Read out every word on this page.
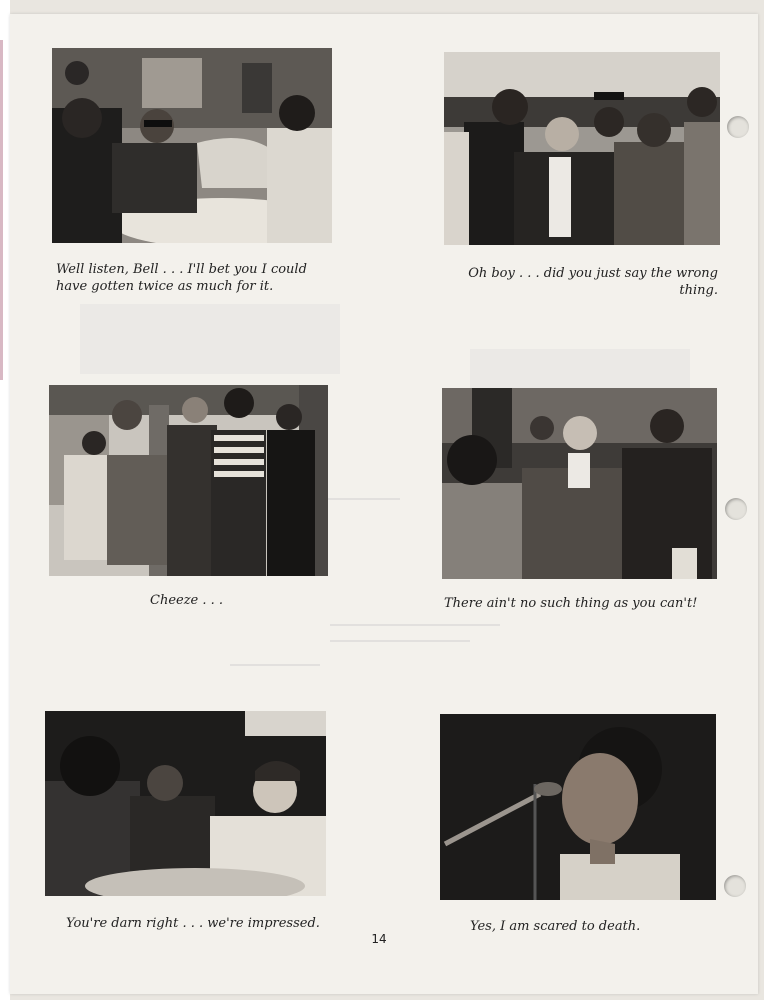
Well listen, Bell . . . I'll bet you I could have gotten twice as much for it.

Oh boy . . . did you just say the wrong thing.

Cheeze . . .	There ain't no such thing as you can't!

You're darn right . . . we're impressed.	Yes, I am scared to death.

14
